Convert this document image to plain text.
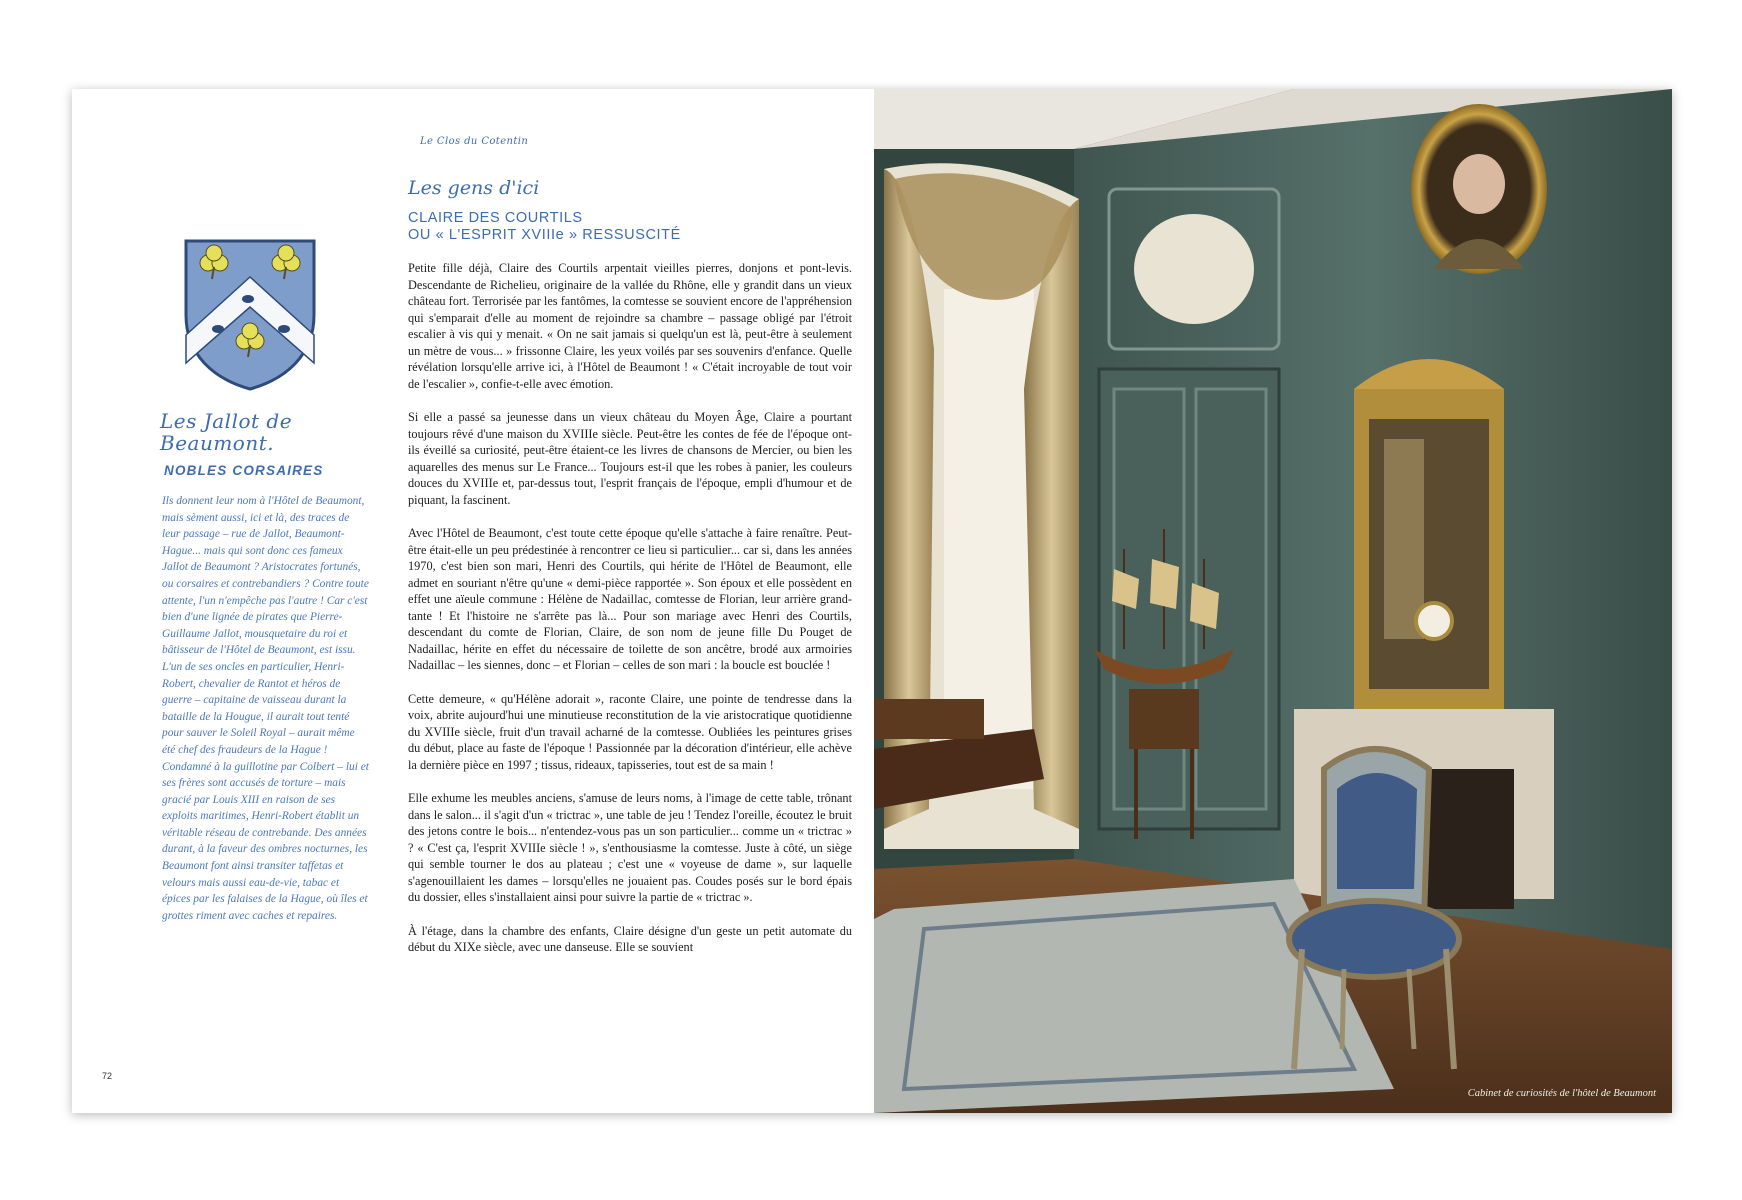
Les Jallot de Beaumont.
NOBLES CORSAIRES

Ils donnent leur nom à l'Hôtel de Beaumont, mais sèment aussi, ici et là, des traces de leur passage – rue de Jallot, Beaumont-Hague... mais qui sont donc ces fameux Jallot de Beaumont ? Aristocrates fortunés, ou corsaires et contrebandiers ? Contre toute attente, l'un n'empêche pas l'autre ! Car c'est bien d'une lignée de pirates que Pierre-Guillaume Jallot, mousquetaire du roi et bâtisseur de l'Hôtel de Beaumont, est issu. L'un de ses oncles en particulier, Henri-Robert, chevalier de Rantot et héros de guerre – capitaine de vaisseau durant la bataille de la Hougue, il aurait tout tenté pour sauver le Soleil Royal – aurait même été chef des fraudeurs de la Hague ! Condamné à la guillotine par Colbert – lui et ses frères sont accusés de torture – mais gracié par Louis XIII en raison de ses exploits maritimes, Henri-Robert établit un véritable réseau de contrebande. Des années durant, à la faveur des ombres nocturnes, les Beaumont font ainsi transiter taffetas et velours mais aussi eau-de-vie, tabac et épices par les falaises de la Hague, où îles et grottes riment avec caches et repaires.

Le Clos du Cotentin
Les gens d'ici
CLAIRE DES COURTILS
OU « L'ESPRIT XVIIIe » RESSUSCITÉ

Petite fille déjà, Claire des Courtils arpentait vieilles pierres, donjons et pont-levis. Descendante de Richelieu, originaire de la vallée du Rhône, elle y grandit dans un vieux château fort. Terrorisée par les fantômes, la comtesse se souvient encore de l'appréhension qui s'emparait d'elle au moment de rejoindre sa chambre – passage obligé par l'étroit escalier à vis qui y menait. « On ne sait jamais si quelqu'un est là, peut-être à seulement un mètre de vous... » frissonne Claire, les yeux voilés par ses souvenirs d'enfance. Quelle révélation lorsqu'elle arrive ici, à l'Hôtel de Beaumont ! « C'était incroyable de tout voir de l'escalier », confie-t-elle avec émotion.

Si elle a passé sa jeunesse dans un vieux château du Moyen Âge, Claire a pourtant toujours rêvé d'une maison du XVIIIe siècle. Peut-être les contes de fée de l'époque ont-ils éveillé sa curiosité, peut-être étaient-ce les livres de chansons de Mercier, ou bien les aquarelles des menus sur Le France... Toujours est-il que les robes à panier, les couleurs douces du XVIIIe et, par-dessus tout, l'esprit français de l'époque, empli d'humour et de piquant, la fascinent.

Avec l'Hôtel de Beaumont, c'est toute cette époque qu'elle s'attache à faire renaître. Peut-être était-elle un peu prédestinée à rencontrer ce lieu si particulier... car si, dans les années 1970, c'est bien son mari, Henri des Courtils, qui hérite de l'Hôtel de Beaumont, elle admet en souriant n'être qu'une « demi-pièce rapportée ». Son époux et elle possèdent en effet une aïeule commune : Hélène de Nadaillac, comtesse de Florian, leur arrière grand-tante ! Et l'histoire ne s'arrête pas là... Pour son mariage avec Henri des Courtils, descendant du comte de Florian, Claire, de son nom de jeune fille Du Pouget de Nadaillac, hérite en effet du nécessaire de toilette de son ancêtre, brodé aux armoiries Nadaillac – les siennes, donc – et Florian – celles de son mari : la boucle est bouclée !

Cette demeure, « qu'Hélène adorait », raconte Claire, une pointe de tendresse dans la voix, abrite aujourd'hui une minutieuse reconstitution de la vie aristocratique quotidienne du XVIIIe siècle, fruit d'un travail acharné de la comtesse. Oubliées les peintures grises du début, place au faste de l'époque ! Passionnée par la décoration d'intérieur, elle achève la dernière pièce en 1997 ; tissus, rideaux, tapisseries, tout est de sa main !

Elle exhume les meubles anciens, s'amuse de leurs noms, à l'image de cette table, trônant dans le salon... il s'agit d'un « trictrac », une table de jeu ! Tendez l'oreille, écoutez le bruit des jetons contre le bois... n'entendez-vous pas un son particulier... comme un « trictrac » ? « C'est ça, l'esprit XVIIIe siècle ! », s'enthousiasme la comtesse. Juste à côté, un siège qui semble tourner le dos au plateau ; c'est une « voyeuse de dame », sur laquelle s'agenouillaient les dames – lorsqu'elles ne jouaient pas. Coudes posés sur le bord épais du dossier, elles s'installaient ainsi pour suivre la partie de « trictrac ».

À l'étage, dans la chambre des enfants, Claire désigne d'un geste un petit automate du début du XIXe siècle, avec une danseuse. Elle se souvient

72
Cabinet de curiosités de l'hôtel de Beaumont
